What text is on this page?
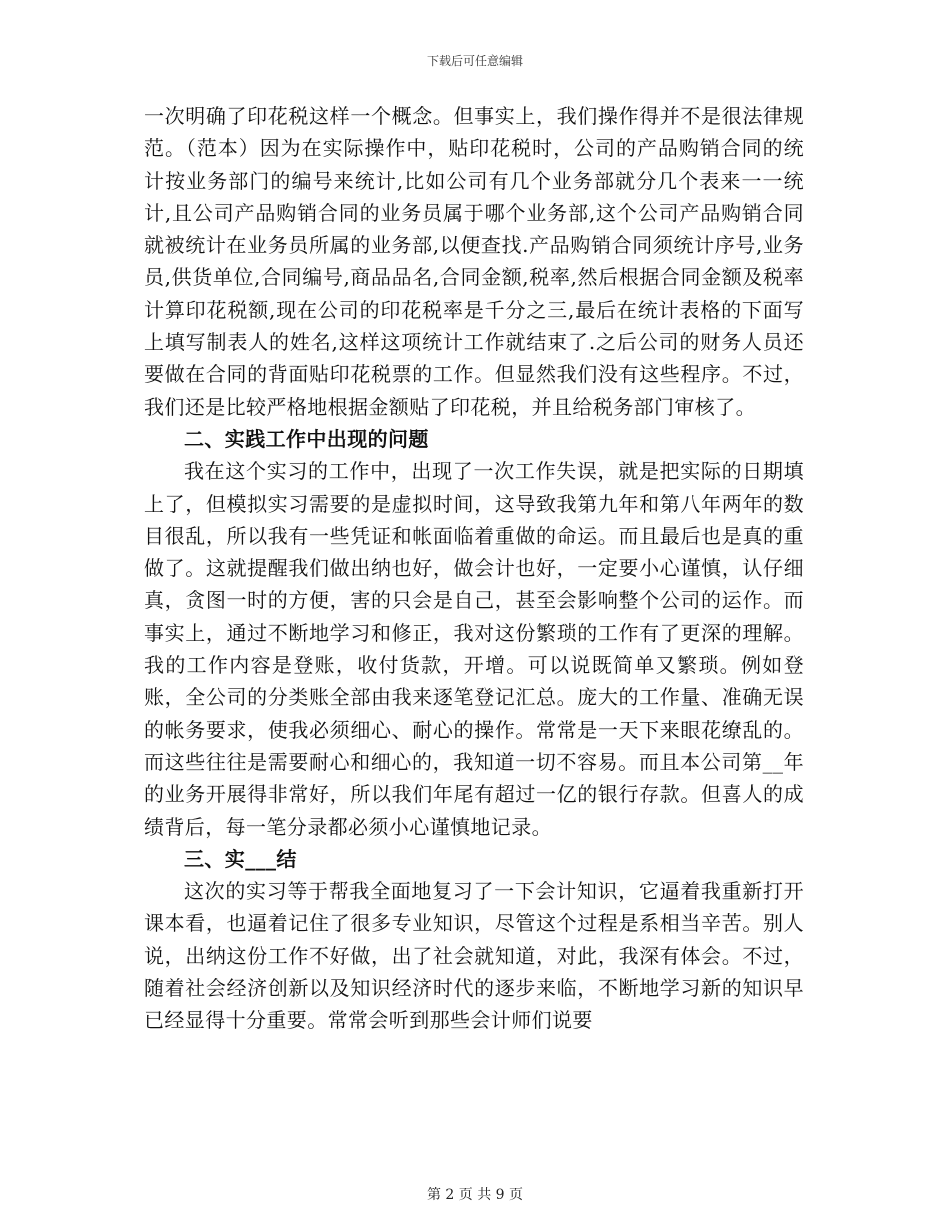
下载后可任意编辑

一次明确了印花税这样一个概念。但事实上，我们操作得并不是很法律规范。（范本）因为在实际操作中，贴印花税时，公司的产品购销合同的统计按业务部门的编号来统计,比如公司有几个业务部就分几个表来一一统计,且公司产品购销合同的业务员属于哪个业务部,这个公司产品购销合同就被统计在业务员所属的业务部,以便查找.产品购销合同须统计序号,业务员,供货单位,合同编号,商品品名,合同金额,税率,然后根据合同金额及税率计算印花税额,现在公司的印花税率是千分之三,最后在统计表格的下面写上填写制表人的姓名,这样这项统计工作就结束了.之后公司的财务人员还要做在合同的背面贴印花税票的工作。但显然我们没有这些程序。不过，我们还是比较严格地根据金额贴了印花税，并且给税务部门审核了。

二、实践工作中出现的问题

我在这个实习的工作中，出现了一次工作失误，就是把实际的日期填上了，但模拟实习需要的是虚拟时间，这导致我第九年和第八年两年的数目很乱，所以我有一些凭证和帐面临着重做的命运。而且最后也是真的重做了。这就提醒我们做出纳也好，做会计也好，一定要小心谨慎，认仔细真，贪图一时的方便，害的只会是自己，甚至会影响整个公司的运作。而事实上，通过不断地学习和修正，我对这份繁琐的工作有了更深的理解。我的工作内容是登账，收付货款，开增。可以说既简单又繁琐。例如登账，全公司的分类账全部由我来逐笔登记汇总。庞大的工作量、准确无误的帐务要求，使我必须细心、耐心的操作。常常是一天下来眼花缭乱的。而这些往往是需要耐心和细心的，我知道一切不容易。而且本公司第__年的业务开展得非常好，所以我们年尾有超过一亿的银行存款。但喜人的成绩背后，每一笔分录都必须小心谨慎地记录。

三、实___结

这次的实习等于帮我全面地复习了一下会计知识，它逼着我重新打开课本看，也逼着记住了很多专业知识，尽管这个过程是系相当辛苦。别人说，出纳这份工作不好做，出了社会就知道，对此，我深有体会。不过，随着社会经济创新以及知识经济时代的逐步来临，不断地学习新的知识早已经显得十分重要。常常会听到那些会计师们说要

第 2 页 共 9 页
